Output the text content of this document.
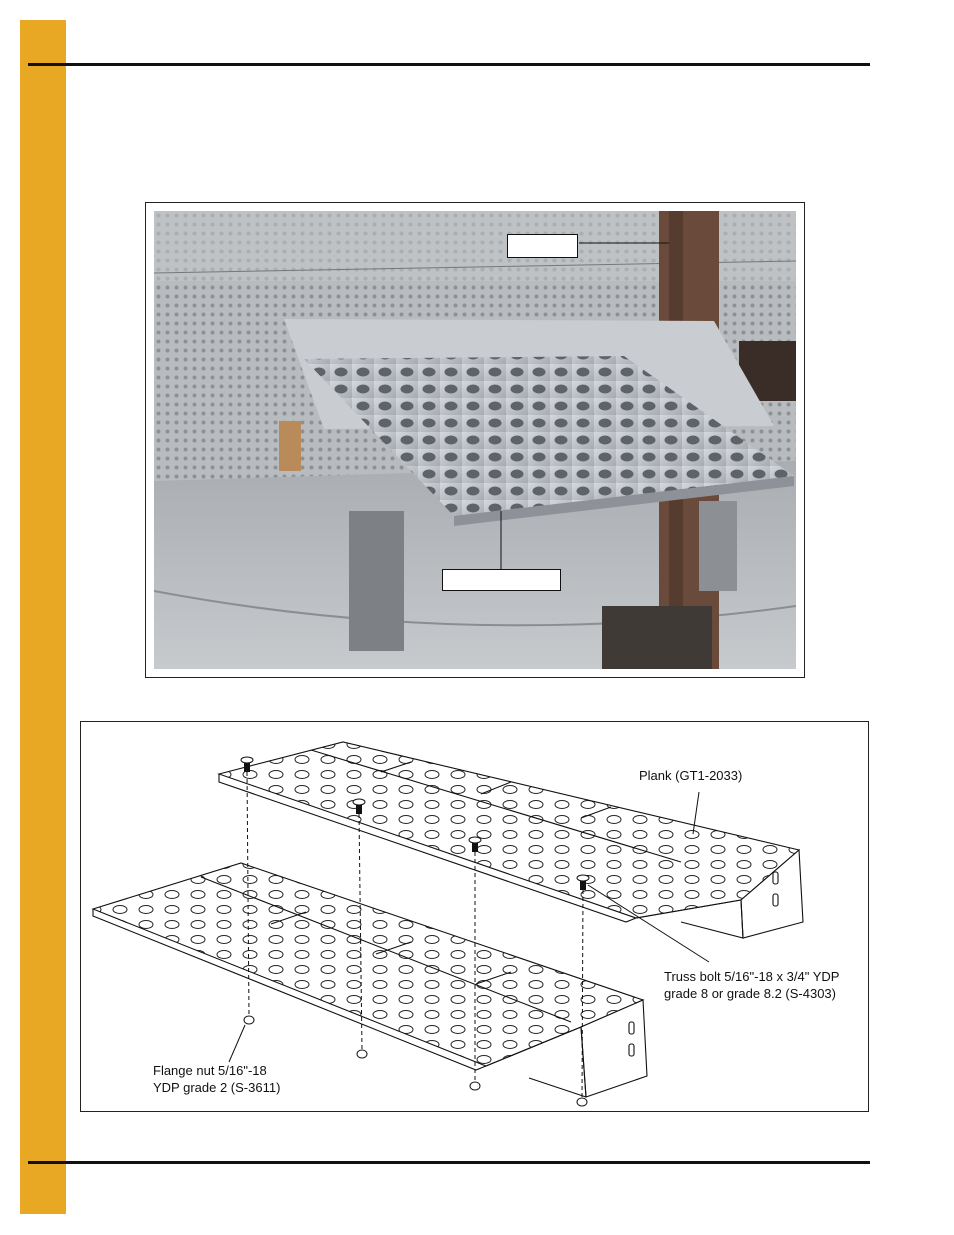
Plank (GT1-2033)
Truss bolt 5/16"-18 x 3/4" YDP
grade 8 or grade 8.2 (S-4303)
Flange nut 5/16"-18
YDP grade 2 (S-3611)
